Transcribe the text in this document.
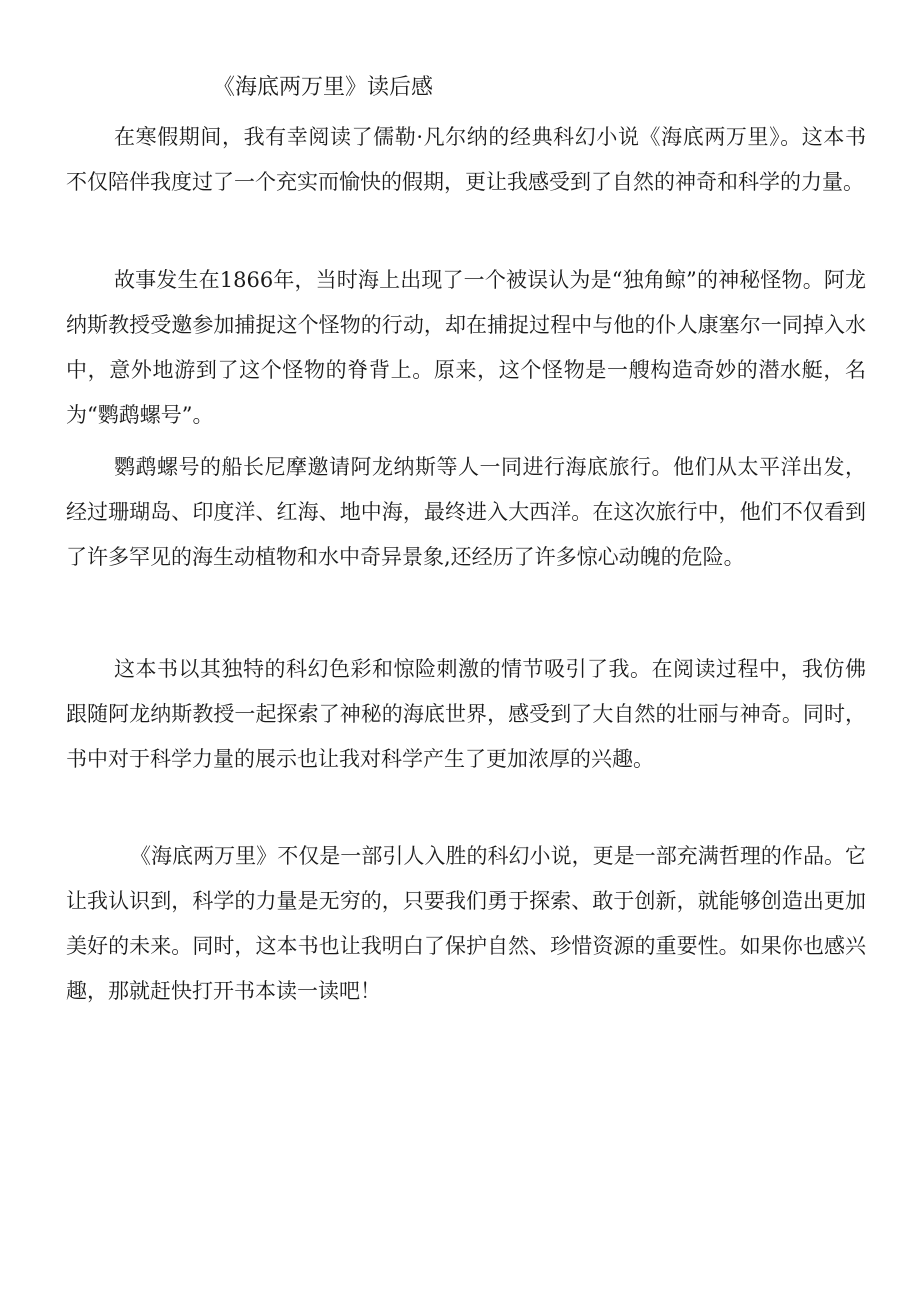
《海底两万里》读后感

在寒假期间，我有幸阅读了儒勒·凡尔纳的经典科幻小说《海底两万里》。这本书不仅陪伴我度过了一个充实而愉快的假期，更让我感受到了自然的神奇和科学的力量。

故事发生在1866年，当时海上出现了一个被误认为是“独角鲸”的神秘怪物。阿龙纳斯教授受邀参加捕捉这个怪物的行动，却在捕捉过程中与他的仆人康塞尔一同掉入水中，意外地游到了这个怪物的脊背上。原来，这个怪物是一艘构造奇妙的潜水艇，名为“鹦鹉螺号”。

鹦鹉螺号的船长尼摩邀请阿龙纳斯等人一同进行海底旅行。他们从太平洋出发，经过珊瑚岛、印度洋、红海、地中海，最终进入大西洋。在这次旅行中，他们不仅看到了许多罕见的海生动植物和水中奇异景象,还经历了许多惊心动魄的危险。

这本书以其独特的科幻色彩和惊险刺激的情节吸引了我。在阅读过程中，我仿佛跟随阿龙纳斯教授一起探索了神秘的海底世界，感受到了大自然的壮丽与神奇。同时，书中对于科学力量的展示也让我对科学产生了更加浓厚的兴趣。

《海底两万里》不仅是一部引人入胜的科幻小说，更是一部充满哲理的作品。它让我认识到，科学的力量是无穷的，只要我们勇于探索、敢于创新，就能够创造出更加美好的未来。同时，这本书也让我明白了保护自然、珍惜资源的重要性。如果你也感兴趣，那就赶快打开书本读一读吧！
